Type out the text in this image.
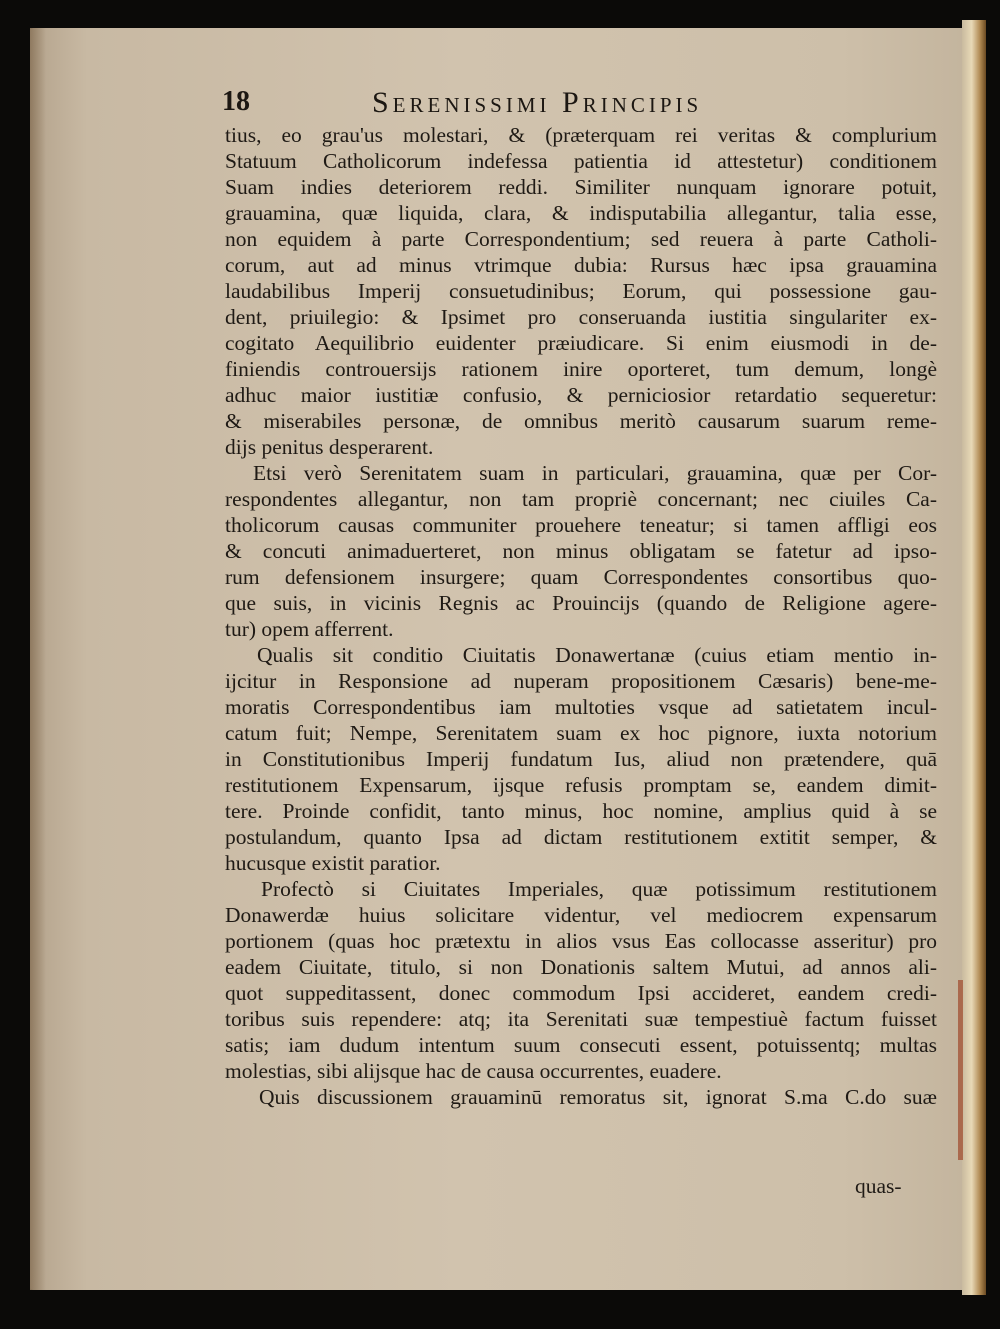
18	Serenissimi Principis
tius, eo grau'us molestari, & (præterquam rei veritas & complurium
Statuum Catholicorum indefessa patientia id attestetur) conditionem
Suam indies deteriorem reddi. Similiter nunquam ignorare potuit,
grauamina, quæ liquida, clara, & indisputabilia allegantur, talia esse,
non equidem à parte Correspondentium; sed reuera à parte Catholi-
corum, aut ad minus vtrimque dubia: Rursus hæc ipsa grauamina
laudabilibus Imperij consuetudinibus; Eorum, qui possessione gau-
dent, priuilegio: & Ipsimet pro conseruanda iustitia singulariter ex-
cogitato Aequilibrio euidenter præiudicare. Si enim eiusmodi in de-
finiendis controuersijs rationem inire oporteret, tum demum, longè
adhuc maior iustitiæ confusio, & perniciosior retardatio sequeretur:
& miserabiles personæ, de omnibus meritò causarum suarum reme-
dijs penitus desperarent.
Etsi verò Serenitatem suam in particulari, grauamina, quæ per Cor-
respondentes allegantur, non tam propriè concernant; nec ciuiles Ca-
tholicorum causas communiter prouehere teneatur; si tamen affligi eos
& concuti animaduerteret, non minus obligatam se fatetur ad ipso-
rum defensionem insurgere; quam Correspondentes consortibus quo-
que suis, in vicinis Regnis ac Prouincijs (quando de Religione agere-
tur) opem afferrent.
Qualis sit conditio Ciuitatis Donawertanæ (cuius etiam mentio in-
ijcitur in Responsione ad nuperam propositionem Cæsaris) bene-me-
moratis Correspondentibus iam multoties vsque ad satietatem incul-
catum fuit; Nempe, Serenitatem suam ex hoc pignore, iuxta notorium
in Constitutionibus Imperij fundatum Ius, aliud non prætendere, quā
restitutionem Expensarum, ijsque refusis promptam se, eandem dimit-
tere. Proinde confidit, tanto minus, hoc nomine, amplius quid à se
postulandum, quanto Ipsa ad dictam restitutionem extitit semper, &
hucusque existit paratior.
Profectò si Ciuitates Imperiales, quæ potissimum restitutionem
Donawerdæ huius solicitare videntur, vel mediocrem expensarum
portionem (quas hoc prætextu in alios vsus Eas collocasse asseritur) pro
eadem Ciuitate, titulo, si non Donationis saltem Mutui, ad annos ali-
quot suppeditassent, donec commodum Ipsi accideret, eandem credi-
toribus suis rependere: atq; ita Serenitati suæ tempestiuè factum fuisset
satis; iam dudum intentum suum consecuti essent, potuissentq; multas
molestias, sibi alijsque hac de causa occurrentes, euadere.
Quis discussionem grauaminū remoratus sit, ignorat S.ma C.do suæ
quas-
